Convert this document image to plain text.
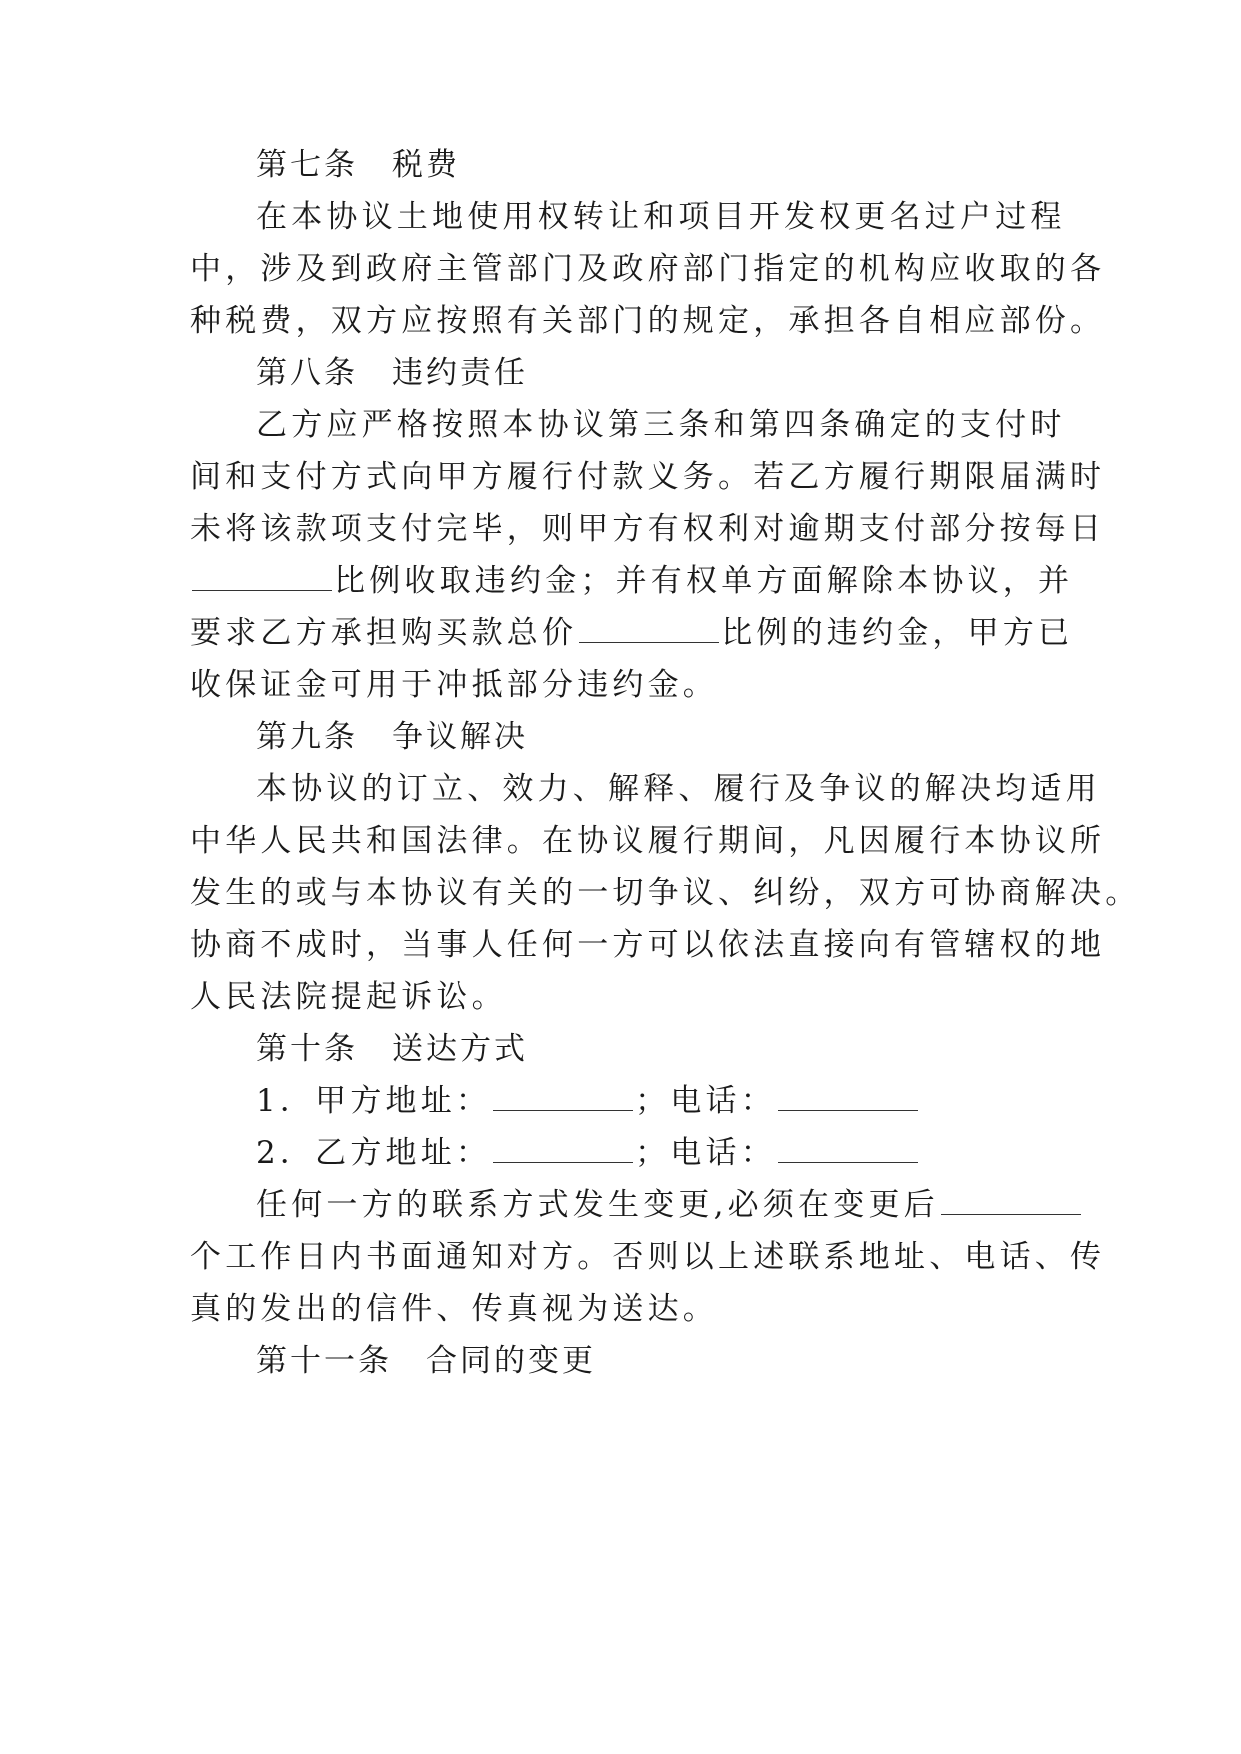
第七条 税费
在本协议土地使用权转让和项目开发权更名过户过程
中，涉及到政府主管部门及政府部门指定的机构应收取的各
种税费，双方应按照有关部门的规定，承担各自相应部份。
第八条 违约责任
乙方应严格按照本协议第三条和第四条确定的支付时
间和支付方式向甲方履行付款义务。若乙方履行期限届满时
未将该款项支付完毕，则甲方有权利对逾期支付部分按每日
比例收取违约金；并有权单方面解除本协议，并
要求乙方承担购买款总价	比例的违约金，甲方已
收保证金可用于冲抵部分违约金。
第九条 争议解决
本协议的订立、效力、解释、履行及争议的解决均适用
中华人民共和国法律。在协议履行期间，凡因履行本协议所
发生的或与本协议有关的一切争议、纠纷，双方可协商解决。
协商不成时，当事人任何一方可以依法直接向有管辖权的地
人民法院提起诉讼。
第十条 送达方式
1．甲方地址：	；电话：
2．乙方地址：	；电话：
任何一方的联系方式发生变更,必须在变更后
个工作日内书面通知对方。否则以上述联系地址、电话、传
真的发出的信件、传真视为送达。
第十一条 合同的变更
